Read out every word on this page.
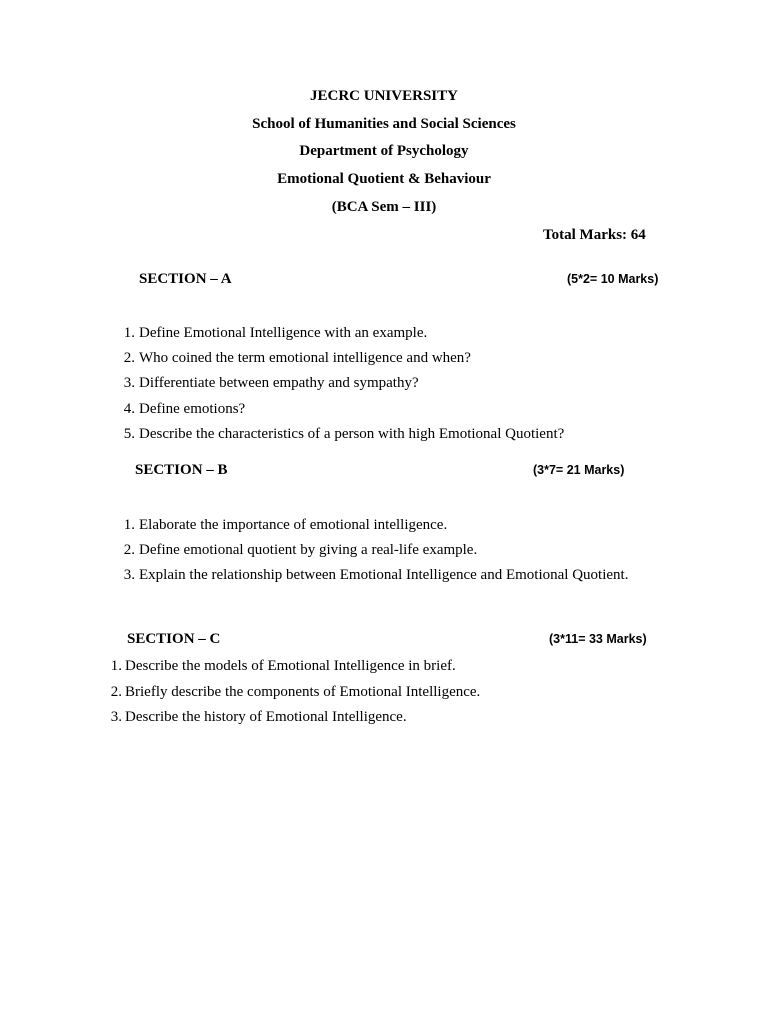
JECRC UNIVERSITY
School of Humanities and Social Sciences
Department of Psychology
Emotional Quotient & Behaviour
(BCA Sem – III)
Total Marks: 64
SECTION – A	(5*2= 10 Marks)
1. Define Emotional Intelligence with an example.
2. Who coined the term emotional intelligence and when?
3. Differentiate between empathy and sympathy?
4. Define emotions?
5. Describe the characteristics of a person with high Emotional Quotient?
SECTION – B	(3*7= 21 Marks)
1. Elaborate the importance of emotional intelligence.
2. Define emotional quotient by giving a real-life example.
3. Explain the relationship between Emotional Intelligence and Emotional Quotient.
SECTION – C	(3*11= 33 Marks)
1. Describe the models of Emotional Intelligence in brief.
2. Briefly describe the components of Emotional Intelligence.
3. Describe the history of Emotional Intelligence.
